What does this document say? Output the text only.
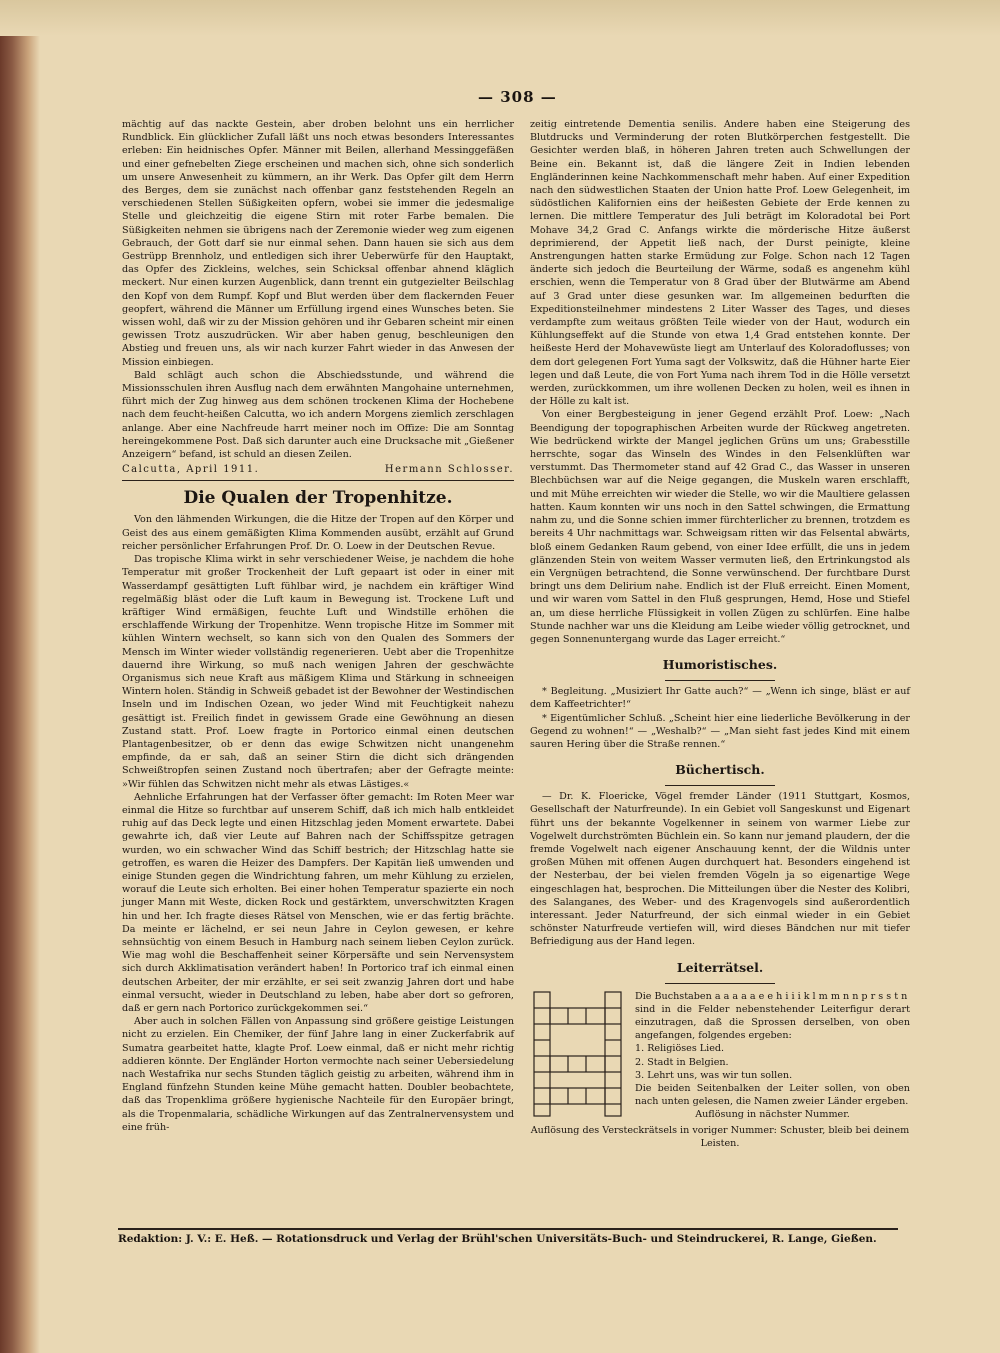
— 308 —

mächtig auf das nackte Gestein, aber droben belohnt uns ein herrlicher Rundblick. Ein glücklicher Zufall läßt uns noch etwas besonders Interessantes erleben: Ein heidnisches Opfer. Männer mit Beilen, allerhand Messinggefäßen und einer gefnebelten Ziege erscheinen und machen sich, ohne sich sonderlich um unsere Anwesenheit zu kümmern, an ihr Werk. Das Opfer gilt dem Herrn des Berges, dem sie zunächst nach offenbar ganz feststehenden Regeln an verschiedenen Stellen Süßigkeiten opfern, wobei sie immer die jedesmalige Stelle und gleichzeitig die eigene Stirn mit roter Farbe bemalen. Die Süßigkeiten nehmen sie übrigens nach der Zeremonie wieder weg zum eigenen Gebrauch, der Gott darf sie nur einmal sehen. Dann hauen sie sich aus dem Gestrüpp Brennholz, und entledigen sich ihrer Ueberwürfe für den Hauptakt, das Opfer des Zickleins, welches, sein Schicksal offenbar ahnend kläglich meckert. Nur einen kurzen Augenblick, dann trennt ein gutgezielter Beilschlag den Kopf von dem Rumpf. Kopf und Blut werden über dem flackernden Feuer geopfert, während die Männer um Erfüllung irgend eines Wunsches beten. Sie wissen wohl, daß wir zu der Mission gehören und ihr Gebaren scheint mir einen gewissen Trotz auszudrücken. Wir aber haben genug, beschleunigen den Abstieg und freuen uns, als wir nach kurzer Fahrt wieder in das Anwesen der Mission einbiegen.

Bald schlägt auch schon die Abschiedsstunde, und während die Missionsschulen ihren Ausflug nach dem erwähnten Mangohaine unternehmen, führt mich der Zug hinweg aus dem schönen trockenen Klima der Hochebene nach dem feucht-heißen Calcutta, wo ich andern Morgens ziemlich zerschlagen anlange. Aber eine Nachfreude harrt meiner noch im Offize: Die am Sonntag hereingekommene Post. Daß sich darunter auch eine Drucksache mit „Gießener Anzeigern“ befand, ist schuld an diesen Zeilen.

Calcutta, April 1911.	Hermann Schlosser.
Die Qualen der Tropenhitze.

Von den lähmenden Wirkungen, die die Hitze der Tropen auf den Körper und Geist des aus einem gemäßigten Klima Kommenden ausübt, erzählt auf Grund reicher persönlicher Erfahrungen Prof. Dr. O. Loew in der Deutschen Revue.

Das tropische Klima wirkt in sehr verschiedener Weise, je nachdem die hohe Temperatur mit großer Trockenheit der Luft gepaart ist oder in einer mit Wasserdampf gesättigten Luft fühlbar wird, je nachdem ein kräftiger Wind regelmäßig bläst oder die Luft kaum in Bewegung ist. Trockene Luft und kräftiger Wind ermäßigen, feuchte Luft und Windstille erhöhen die erschlaffende Wirkung der Tropenhitze. Wenn tropische Hitze im Sommer mit kühlen Wintern wechselt, so kann sich von den Qualen des Sommers der Mensch im Winter wieder vollständig regenerieren. Uebt aber die Tropenhitze dauernd ihre Wirkung, so muß nach wenigen Jahren der geschwächte Organismus sich neue Kraft aus mäßigem Klima und Stärkung in schneeigen Wintern holen. Ständig in Schweiß gebadet ist der Bewohner der Westindischen Inseln und im Indischen Ozean, wo jeder Wind mit Feuchtigkeit nahezu gesättigt ist. Freilich findet in gewissem Grade eine Gewöhnung an diesen Zustand statt. Prof. Loew fragte in Portorico einmal einen deutschen Plantagenbesitzer, ob er denn das ewige Schwitzen nicht unangenehm empfinde, da er sah, daß an seiner Stirn die dicht sich drängenden Schweißtropfen seinen Zustand noch übertrafen; aber der Gefragte meinte: »Wir fühlen das Schwitzen nicht mehr als etwas Lästiges.«

Aehnliche Erfahrungen hat der Verfasser öfter gemacht: Im Roten Meer war einmal die Hitze so furchtbar auf unserem Schiff, daß ich mich halb entkleidet ruhig auf das Deck legte und einen Hitzschlag jeden Moment erwartete. Dabei gewahrte ich, daß vier Leute auf Bahren nach der Schiffsspitze getragen wurden, wo ein schwacher Wind das Schiff bestrich; der Hitzschlag hatte sie getroffen, es waren die Heizer des Dampfers. Der Kapitän ließ umwenden und einige Stunden gegen die Windrichtung fahren, um mehr Kühlung zu erzielen, worauf die Leute sich erholten. Bei einer hohen Temperatur spazierte ein noch junger Mann mit Weste, dicken Rock und gestärktem, unverschwitzten Kragen hin und her. Ich fragte dieses Rätsel von Menschen, wie er das fertig brächte. Da meinte er lächelnd, er sei neun Jahre in Ceylon gewesen, er kehre sehnsüchtig von einem Besuch in Hamburg nach seinem lieben Ceylon zurück. Wie mag wohl die Beschaffenheit seiner Körpersäfte und sein Nervensystem sich durch Akklimatisation verändert haben! In Portorico traf ich einmal einen deutschen Arbeiter, der mir erzählte, er sei seit zwanzig Jahren dort und habe einmal versucht, wieder in Deutschland zu leben, habe aber dort so gefroren, daß er gern nach Portorico zurückgekommen sei.“

Aber auch in solchen Fällen von Anpassung sind größere geistige Leistungen nicht zu erzielen. Ein Chemiker, der fünf Jahre lang in einer Zuckerfabrik auf Sumatra gearbeitet hatte, klagte Prof. Loew einmal, daß er nicht mehr richtig addieren könnte. Der Engländer Horton vermochte nach seiner Uebersiedelung nach Westafrika nur sechs Stunden täglich geistig zu arbeiten, während ihm in England fünfzehn Stunden keine Mühe gemacht hatten. Doubler beobachtete, daß das Tropenklima größere hygienische Nachteile für den Europäer bringt, als die Tropenmalaria, schädliche Wirkungen auf das Zentralnervensystem und eine früh-

zeitig eintretende Dementia senilis. Andere haben eine Steigerung des Blutdrucks und Verminderung der roten Blutkörperchen festgestellt. Die Gesichter werden blaß, in höheren Jahren treten auch Schwellungen der Beine ein. Bekannt ist, daß die längere Zeit in Indien lebenden Engländerinnen keine Nachkommenschaft mehr haben. Auf einer Expedition nach den südwestlichen Staaten der Union hatte Prof. Loew Gelegenheit, im südöstlichen Kalifornien eins der heißesten Gebiete der Erde kennen zu lernen. Die mittlere Temperatur des Juli beträgt im Koloradotal bei Port Mohave 34,2 Grad C. Anfangs wirkte die mörderische Hitze äußerst deprimierend, der Appetit ließ nach, der Durst peinigte, kleine Anstrengungen hatten starke Ermüdung zur Folge. Schon nach 12 Tagen änderte sich jedoch die Beurteilung der Wärme, sodaß es angenehm kühl erschien, wenn die Temperatur von 8 Grad über der Blutwärme am Abend auf 3 Grad unter diese gesunken war. Im allgemeinen bedurften die Expeditionsteilnehmer mindestens 2 Liter Wasser des Tages, und dieses verdampfte zum weitaus größten Teile wieder von der Haut, wodurch ein Kühlungseffekt auf die Stunde von etwa 1,4 Grad entstehen konnte. Der heißeste Herd der Mohavewüste liegt am Unterlauf des Koloradoflusses; von dem dort gelegenen Fort Yuma sagt der Volkswitz, daß die Hühner harte Eier legen und daß Leute, die von Fort Yuma nach ihrem Tod in die Hölle versetzt werden, zurückkommen, um ihre wollenen Decken zu holen, weil es ihnen in der Hölle zu kalt ist.

Von einer Bergbesteigung in jener Gegend erzählt Prof. Loew: „Nach Beendigung der topographischen Arbeiten wurde der Rückweg angetreten. Wie bedrückend wirkte der Mangel jeglichen Grüns um uns; Grabesstille herrschte, sogar das Winseln des Windes in den Felsenklüften war verstummt. Das Thermometer stand auf 42 Grad C., das Wasser in unseren Blechbüchsen war auf die Neige gegangen, die Muskeln waren erschlafft, und mit Mühe erreichten wir wieder die Stelle, wo wir die Maultiere gelassen hatten. Kaum konnten wir uns noch in den Sattel schwingen, die Ermattung nahm zu, und die Sonne schien immer fürchterlicher zu brennen, trotzdem es bereits 4 Uhr nachmittags war. Schweigsam ritten wir das Felsental abwärts, bloß einem Gedanken Raum gebend, von einer Idee erfüllt, die uns in jedem glänzenden Stein von weitem Wasser vermuten ließ, den Ertrinkungstod als ein Vergnügen betrachtend, die Sonne verwünschend. Der furchtbare Durst bringt uns dem Delirium nahe. Endlich ist der Fluß erreicht. Einen Moment, und wir waren vom Sattel in den Fluß gesprungen, Hemd, Hose und Stiefel an, um diese herrliche Flüssigkeit in vollen Zügen zu schlürfen. Eine halbe Stunde nachher war uns die Kleidung am Leibe wieder völlig getrocknet, und gegen Sonnenuntergang wurde das Lager erreicht.“

Humoristisches.

* Begleitung. „Musiziert Ihr Gatte auch?“ — „Wenn ich singe, bläst er auf dem Kaffeetrichter!“

* Eigentümlicher Schluß. „Scheint hier eine liederliche Bevölkerung in der Gegend zu wohnen!“ — „Weshalb?“ — „Man sieht fast jedes Kind mit einem sauren Hering über die Straße rennen.“

Büchertisch.

— Dr. K. Floericke, Vögel fremder Länder (1911 Stuttgart, Kosmos, Gesellschaft der Naturfreunde). In ein Gebiet voll Sangeskunst und Eigenart führt uns der bekannte Vogelkenner in seinem von warmer Liebe zur Vogelwelt durchströmten Büchlein ein. So kann nur jemand plaudern, der die fremde Vogelwelt nach eigener Anschauung kennt, der die Wildnis unter großen Mühen mit offenen Augen durchquert hat. Besonders eingehend ist der Nesterbau, der bei vielen fremden Vögeln ja so eigenartige Wege eingeschlagen hat, besprochen. Die Mitteilungen über die Nester des Kolibri, des Salanganes, des Weber- und des Kragenvogels sind außerordentlich interessant. Jeder Naturfreund, der sich einmal wieder in ein Gebiet schönster Naturfreude vertiefen will, wird dieses Bändchen nur mit tiefer Befriedigung aus der Hand legen.

Leiterrätsel.

Die Buchstaben a a a a a e e h i i i k l m m n n p r s s t n

sind in die Felder nebenstehender Leiterfigur derart einzutragen, daß die Sprossen derselben, von oben angefangen, folgendes ergeben:

1. Religiöses Lied.

2. Stadt in Belgien.

3. Lehrt uns, was wir tun sollen.

Die beiden Seitenbalken der Leiter sollen, von oben nach unten gelesen, die Namen zweier Länder ergeben.

Auflösung in nächster Nummer.

Auflösung des Versteckrätsels in voriger Nummer: Schuster, bleib bei deinem Leisten.

Redaktion: J. V.: E. Heß. — Rotationsdruck und Verlag der Brühl'schen Universitäts-Buch- und Steindruckerei, R. Lange, Gießen.
